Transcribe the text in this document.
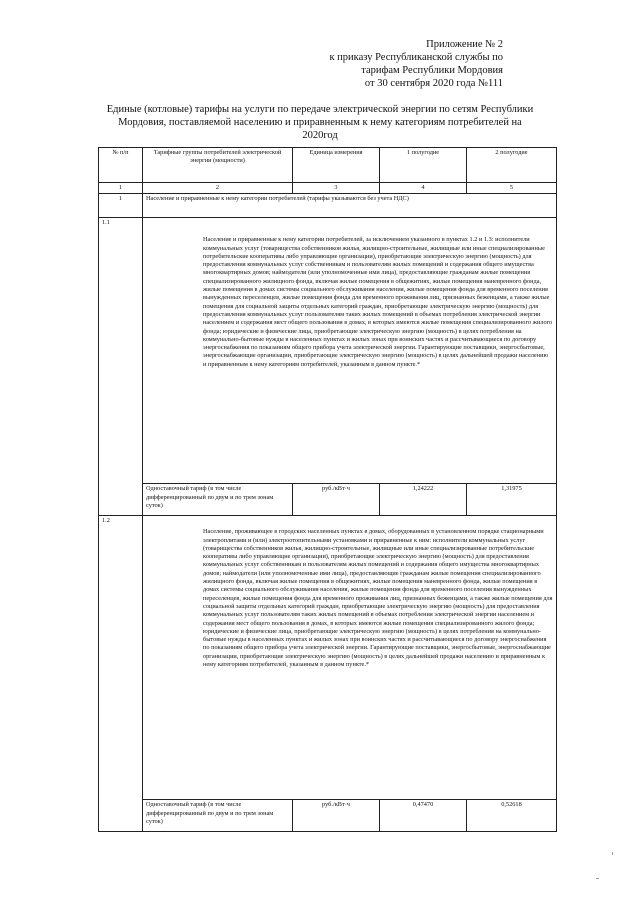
Приложение № 2
к приказу Республиканской службы по
тарифам Республики Мордовия
от 30 сентября 2020 года №111
Единые (котловые) тарифы на услуги по передаче электрической энергии по сетям Республики Мордовия, поставляемой населению и приравненным к нему категориям потребителей на 2020год
№ п/п	Тарифные группы потребителей электрической энергии (мощности)	Единица измерения	1 полугодие	2 полугодие
1	2	3	4	5
1	Население и приравненные к нему категории потребителей (тарифы указываются без учета НДС)			
1.1	Население и приравненные к нему категории потребителей, за исключением указанного в пунктах 1.2 и 1.3: исполнители коммунальных услуг (товарищества собственников жилья, жилищно-строительные, жилищные или иные специализированные потребительские кооперативы либо управляющие организации), приобретающие электрическую энергию (мощность) для предоставления коммунальных услуг собственникам и пользователям жилых помещений и содержания общего имущества многоквартирных домов; наймодатели (или уполномоченные ими лица), предоставляющие гражданам жилые помещения специализированного жилищного фонда, включая жилые помещения в общежитиях, жилые помещения маневренного фонда, жилые помещения в домах системы социального обслуживания населения, жилые помещения фонда для временного поселения вынужденных переселенцев, жилые помещения фонда для временного проживания лиц, признанных беженцами, а также жилые помещения для социальной защиты отдельных категорий граждан, приобретающие электрическую энергию (мощность) для предоставления коммунальных услуг пользователям таких жилых помещений в объемах потребления электрической энергии населением и содержания мест общего пользования в домах, в которых имеются жилые помещения специализированного жилого фонда; юридические и физические лица, приобретающие электрическую энергию (мощность) в целях потребления на коммунально-бытовые нужды в населенных пунктах и жилых зонах при воинских частях и рассчитывающиеся по договору энергоснабжения по показаниям общего прибора учета электрической энергии. Гарантирующие поставщики, энергосбытовые, энергоснабжающие организации, приобретающие электрическую энергию (мощность) в целях дальнейшей продажи населению и приравненным к нему категориям потребителей, указанным в данном пункте.*			
	Одноставочный тариф (в том числе дифференцированный по двум и по трем зонам суток)	руб./кВт·ч	1,24222	1,31975
1.2	Население, проживающее в городских населенных пунктах в домах, оборудованных в установленном порядке стационарными электроплитами и (или) электроотопительными установками и приравненные к ним: исполнители коммунальных услуг (товарищества собственников жилья, жилищно-строительные, жилищные или иные специализированные потребительские кооперативы либо управляющие организации), приобретающие электрическую энергию (мощность) для предоставления коммунальных услуг собственникам и пользователям жилых помещений и содержания общего имущества многоквартирных домов; наймодатели (или уполномоченные ими лица), предоставляющие гражданам жилые помещения специализированного жилищного фонда, включая жилые помещения в общежитиях, жилые помещения маневренного фонда, жилые помещения в домах системы социального обслуживания населения, жилые помещения фонда для временного поселения вынужденных переселенцев, жилые помещения фонда для временного проживания лиц, признанных беженцами, а также жилые помещения для социальной защиты отдельных категорий граждан, приобретающие электрическую энергию (мощность) для предоставления коммунальных услуг пользователям таких жилых помещений в объемах потребления электрической энергии населением и содержания мест общего пользования в домах, в которых имеются жилые помещения специализированного жилого фонда; юридические и физические лица, приобретающие электрическую энергию (мощность) в целях потребления на коммунально-бытовые нужды в населенных пунктах и жилых зонах при воинских частях и рассчитывающиеся по договору энергоснабжения по показаниям общего прибора учета электрической энергии. Гарантирующие поставщики, энергосбытовые, энергоснабжающие организации, приобретающие электрическую энергию (мощность) в целях дальнейшей продажи населению и приравненным к нему категориям потребителей, указанным в данном пункте.*			
	Одноставочный тариф (в том числе дифференцированный по двум и по трем зонам суток)	руб./кВт·ч	0,47470	0,52618
